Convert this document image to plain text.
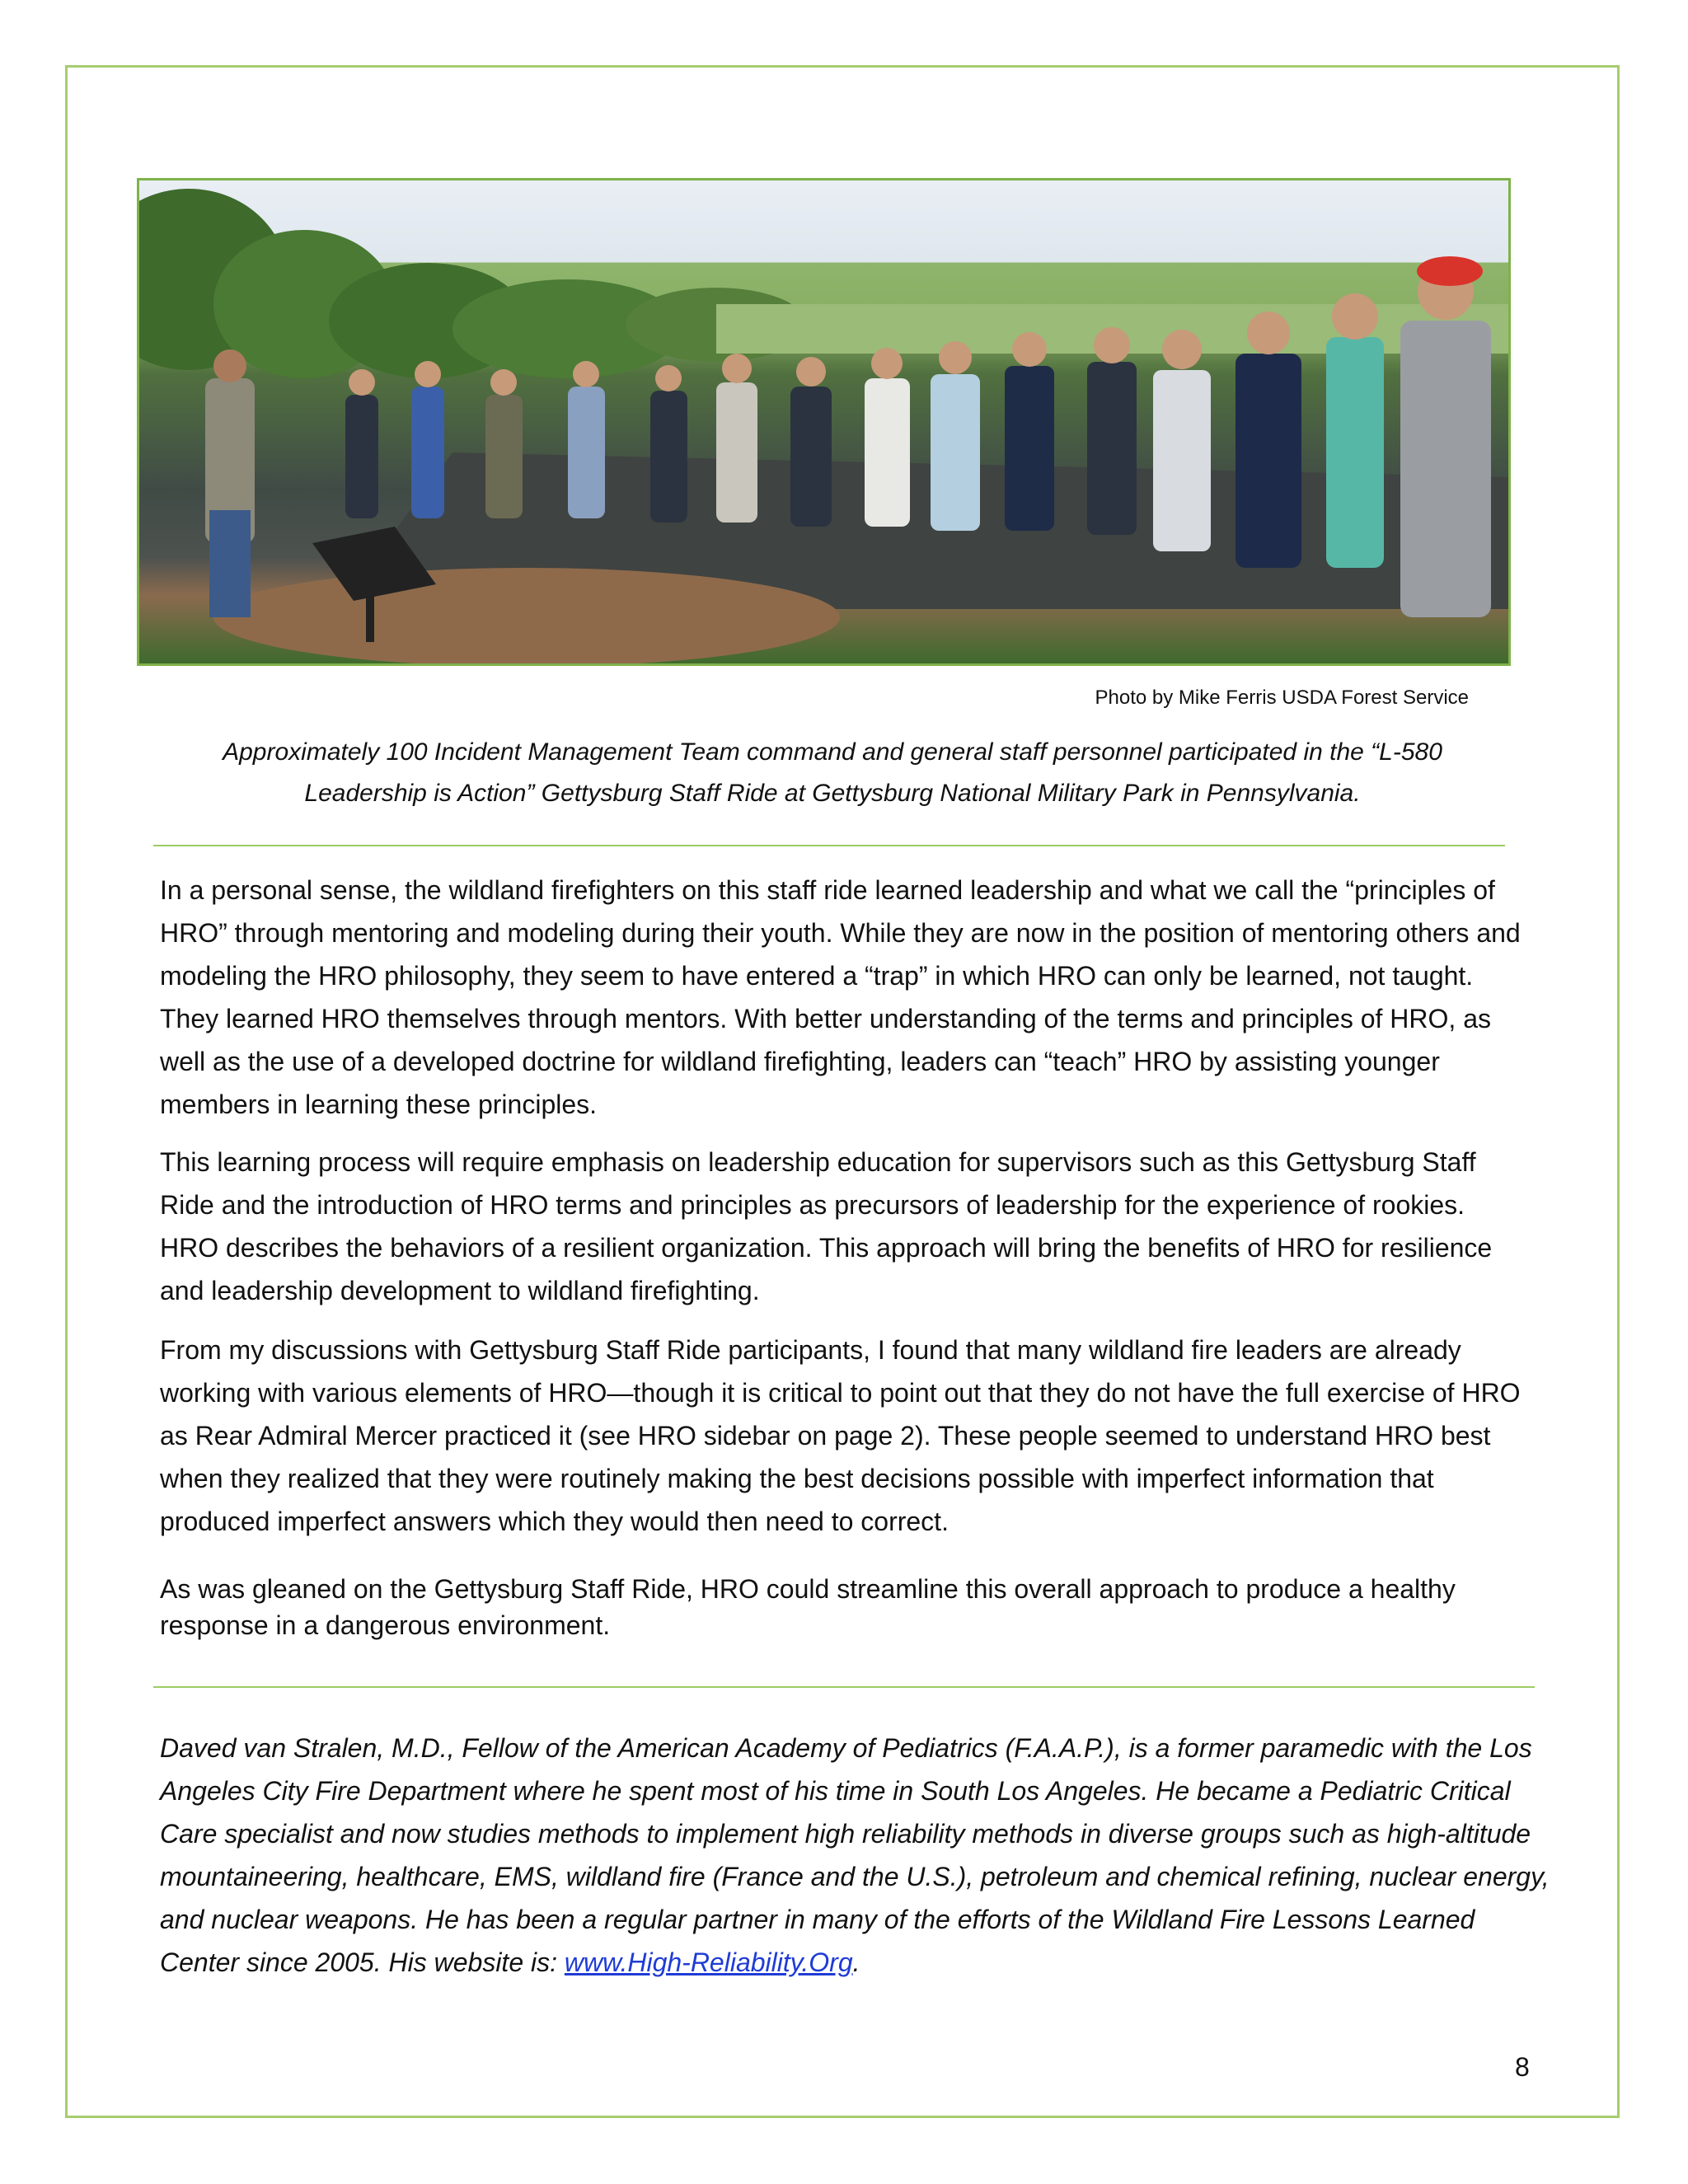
Photo by Mike Ferris USDA Forest Service
Approximately 100 Incident Management Team command and general staff personnel participated in the “L-580 Leadership is Action” Gettysburg Staff Ride at Gettysburg National Military Park in Pennsylvania.

In a personal sense, the wildland firefighters on this staff ride learned leadership and what we call the “principles of HRO” through mentoring and modeling during their youth. While they are now in the position of mentoring others and modeling the HRO philosophy, they seem to have entered a “trap” in which HRO can only be learned, not taught. They learned HRO themselves through mentors. With better understanding of the terms and principles of HRO, as well as the use of a developed doctrine for wildland firefighting, leaders can “teach” HRO by assisting younger members in learning these principles.

This learning process will require emphasis on leadership education for supervisors such as this Gettysburg Staff Ride and the introduction of HRO terms and principles as precursors of leadership for the experience of rookies. HRO describes the behaviors of a resilient organization. This approach will bring the benefits of HRO for resilience and leadership development to wildland firefighting.

From my discussions with Gettysburg Staff Ride participants, I found that many wildland fire leaders are already working with various elements of HRO—though it is critical to point out that they do not have the full exercise of HRO as Rear Admiral Mercer practiced it (see HRO sidebar on page 2). These people seemed to understand HRO best when they realized that they were routinely making the best decisions possible with imperfect information that produced imperfect answers which they would then need to correct.

As was gleaned on the Gettysburg Staff Ride, HRO could streamline this overall approach to produce a healthy response in a dangerous environment.

Daved van Stralen, M.D., Fellow of the American Academy of Pediatrics (F.A.A.P.), is a former paramedic with the Los Angeles City Fire Department where he spent most of his time in South Los Angeles. He became a Pediatric Critical Care specialist and now studies methods to implement high reliability methods in diverse groups such as high-altitude mountaineering, healthcare, EMS, wildland fire (France and the U.S.), petroleum and chemical refining, nuclear energy, and nuclear weapons. He has been a regular partner in many of the efforts of the Wildland Fire Lessons Learned Center since 2005. His website is: www.High-Reliability.Org.

8
